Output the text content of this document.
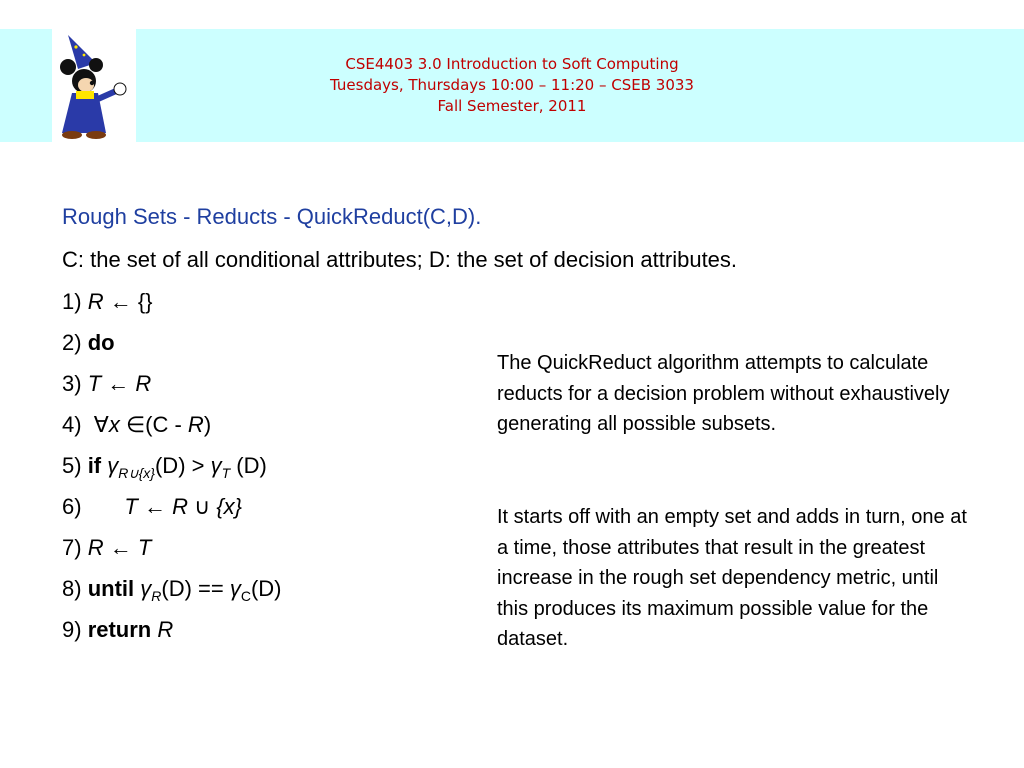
CSE4403 3.0 Introduction to Soft Computing
Tuesdays, Thursdays 10:00 – 11:20 – CSEB 3033
Fall Semester, 2011
Rough Sets - Reducts - QuickReduct(C,D).
C: the set of all conditional attributes; D: the set of decision attributes.
1) R ← {}
2) do
3) T ← R
4) ∀x ∈(C - R)
5) if $\gamma_{R\cup\{x\}}(D) > \gamma_T$ (D)
6) T ← R ∪ {x}
7) R ← T
8) until $\gamma_R(D) == \gamma_C(D)$
9) return R

The QuickReduct algorithm attempts to calculate reducts for a decision problem without exhaustively generating all possible subsets.

It starts off with an empty set and adds in turn, one at a time, those attributes that result in the greatest increase in the rough set dependency metric, until this produces its maximum possible value for the dataset.
